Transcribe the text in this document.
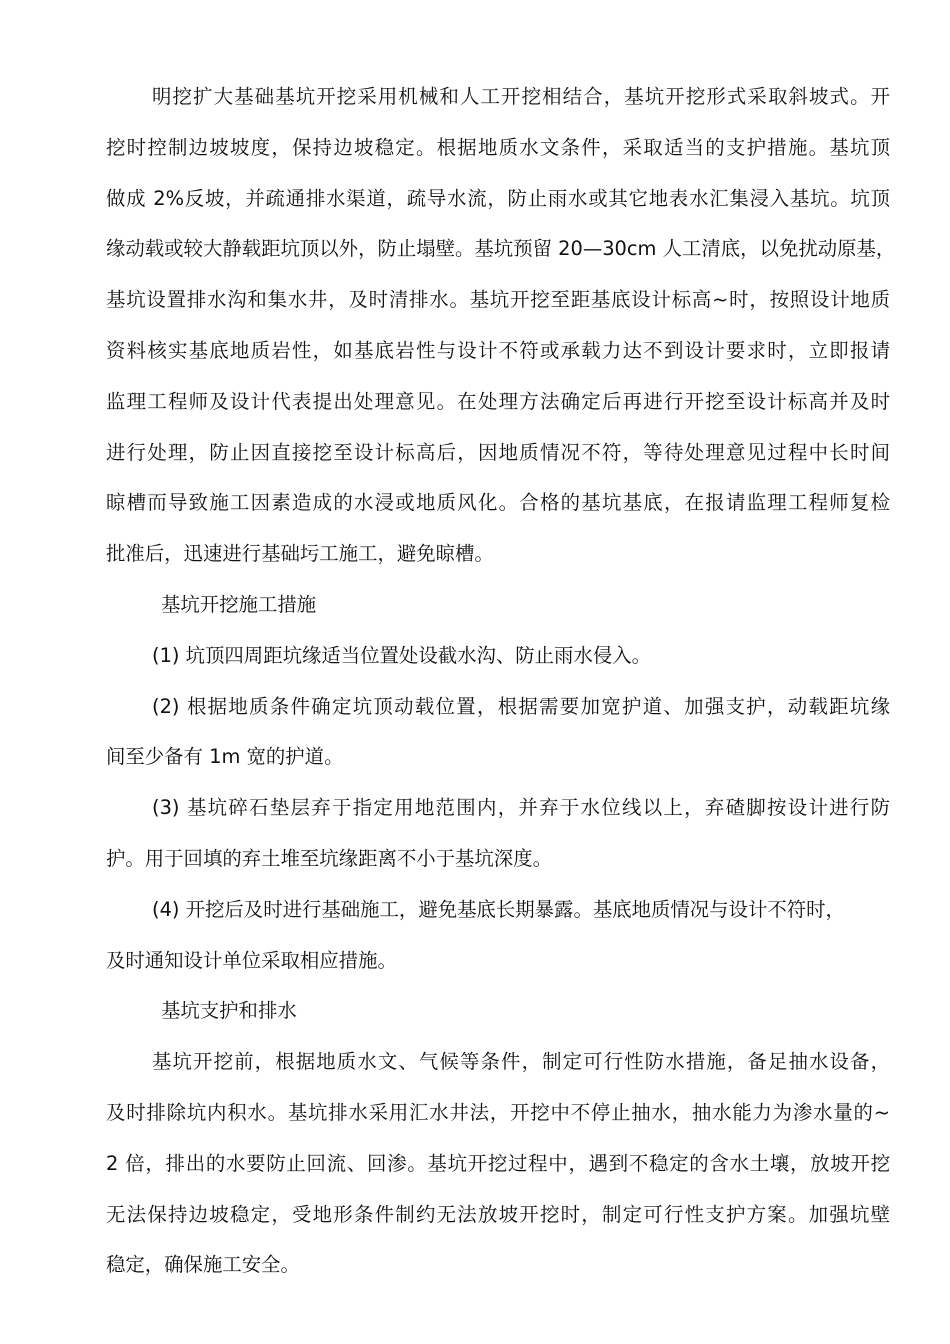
明挖扩大基础基坑开挖采用机械和人工开挖相结合，基坑开挖形式采取斜坡式。开
挖时控制边坡坡度，保持边坡稳定。根据地质水文条件，采取适当的支护措施。基坑顶
做成 2%反坡，并疏通排水渠道，疏导水流，防止雨水或其它地表水汇集浸入基坑。坑顶
缘动载或较大静载距坑顶以外，防止塌壁。基坑预留 20—30cm 人工清底，以免扰动原基，
基坑设置排水沟和集水井，及时清排水。基坑开挖至距基底设计标高~时，按照设计地质
资料核实基底地质岩性，如基底岩性与设计不符或承载力达不到设计要求时，立即报请
监理工程师及设计代表提出处理意见。在处理方法确定后再进行开挖至设计标高并及时
进行处理，防止因直接挖至设计标高后，因地质情况不符，等待处理意见过程中长时间
晾槽而导致施工因素造成的水浸或地质风化。合格的基坑基底，在报请监理工程师复检
批准后，迅速进行基础圬工施工，避免晾槽。
基坑开挖施工措施
(1) 坑顶四周距坑缘适当位置处设截水沟、防止雨水侵入。
(2) 根据地质条件确定坑顶动载位置，根据需要加宽护道、加强支护，动载距坑缘
间至少备有 1m 宽的护道。
(3) 基坑碎石垫层弃于指定用地范围内，并弃于水位线以上，弃碴脚按设计进行防
护。用于回填的弃土堆至坑缘距离不小于基坑深度。
(4) 开挖后及时进行基础施工，避免基底长期暴露。基底地质情况与设计不符时，
及时通知设计单位采取相应措施。
基坑支护和排水
基坑开挖前，根据地质水文、气候等条件，制定可行性防水措施，备足抽水设备，
及时排除坑内积水。基坑排水采用汇水井法，开挖中不停止抽水，抽水能力为渗水量的~
2 倍，排出的水要防止回流、回渗。基坑开挖过程中，遇到不稳定的含水土壤，放坡开挖
无法保持边坡稳定，受地形条件制约无法放坡开挖时，制定可行性支护方案。加强坑壁
稳定，确保施工安全。
